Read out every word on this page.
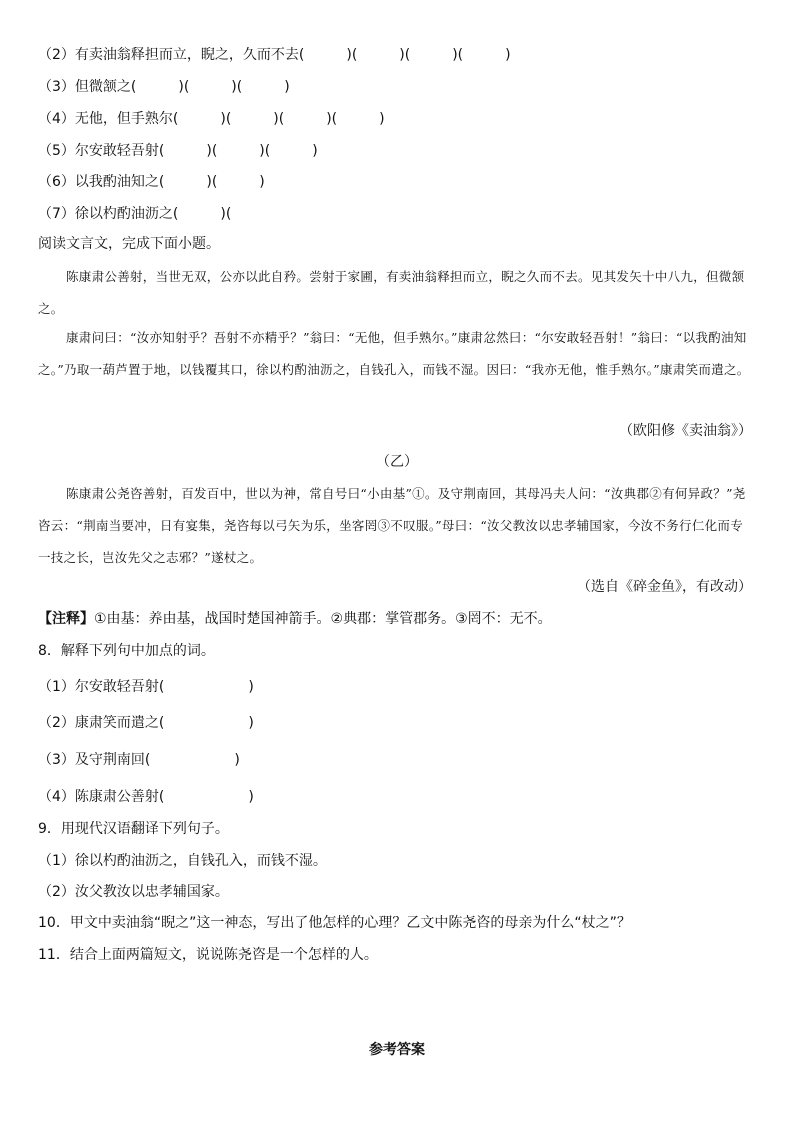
（2）有卖油翁释担而立，睨之，久而不去(　　　)(　　　)(　　　)(　　　)
（3）但微颔之(　　　)(　　　)(　　　)
（4）无他，但手熟尔(　　　)(　　　)(　　　)(　　　)
（5）尔安敢轻吾射(　　　)(　　　)(　　　)
（6）以我酌油知之(　　　)(　　　)
（7）徐以杓酌油沥之(　　　)(
阅读文言文，完成下面小题。
陈康肃公善射，当世无双，公亦以此自矜。尝射于家圃，有卖油翁释担而立，睨之久而不去。见其发矢十中八九，但微颔之。
康肃问曰：“汝亦知射乎？吾射不亦精乎？”翁曰：“无他，但手熟尔。”康肃忿然曰：“尔安敢轻吾射！”翁曰：“以我酌油知之。”乃取一葫芦置于地，以钱覆其口，徐以杓酌油沥之，自钱孔入，而钱不湿。因曰：“我亦无他，惟手熟尔。”康肃笑而遣之。
（欧阳修《卖油翁》）
（乙）
陈康肃公尧咨善射，百发百中，世以为神，常自号曰“小由基”①。及守荆南回，其母冯夫人问：“汝典郡②有何异政？”尧咨云：“荆南当要冲，日有宴集，尧咨每以弓矢为乐，坐客罔③不叹服。”母曰：“汝父教汝以忠孝辅国家，今汝不务行仁化而专一技之长，岂汝先父之志邪？”遂杖之。
（选自《碎金鱼》，有改动）
【注释】①由基：养由基，战国时楚国神箭手。②典郡：掌管郡务。③罔不：无不。
8．解释下列句中加点的词。
（1）尔安敢轻吾射(　　　　　　)
（2）康肃笑而遣之(　　　　　　)
（3）及守荆南回(　　　　　　)
（4）陈康肃公善射(　　　　　　)
9．用现代汉语翻译下列句子。
（1）徐以杓酌油沥之，自钱孔入，而钱不湿。
（2）汝父教汝以忠孝辅国家。
10．甲文中卖油翁“睨之”这一神态，写出了他怎样的心理？乙文中陈尧咨的母亲为什么“杖之”？
11．结合上面两篇短文，说说陈尧咨是一个怎样的人。
参考答案
